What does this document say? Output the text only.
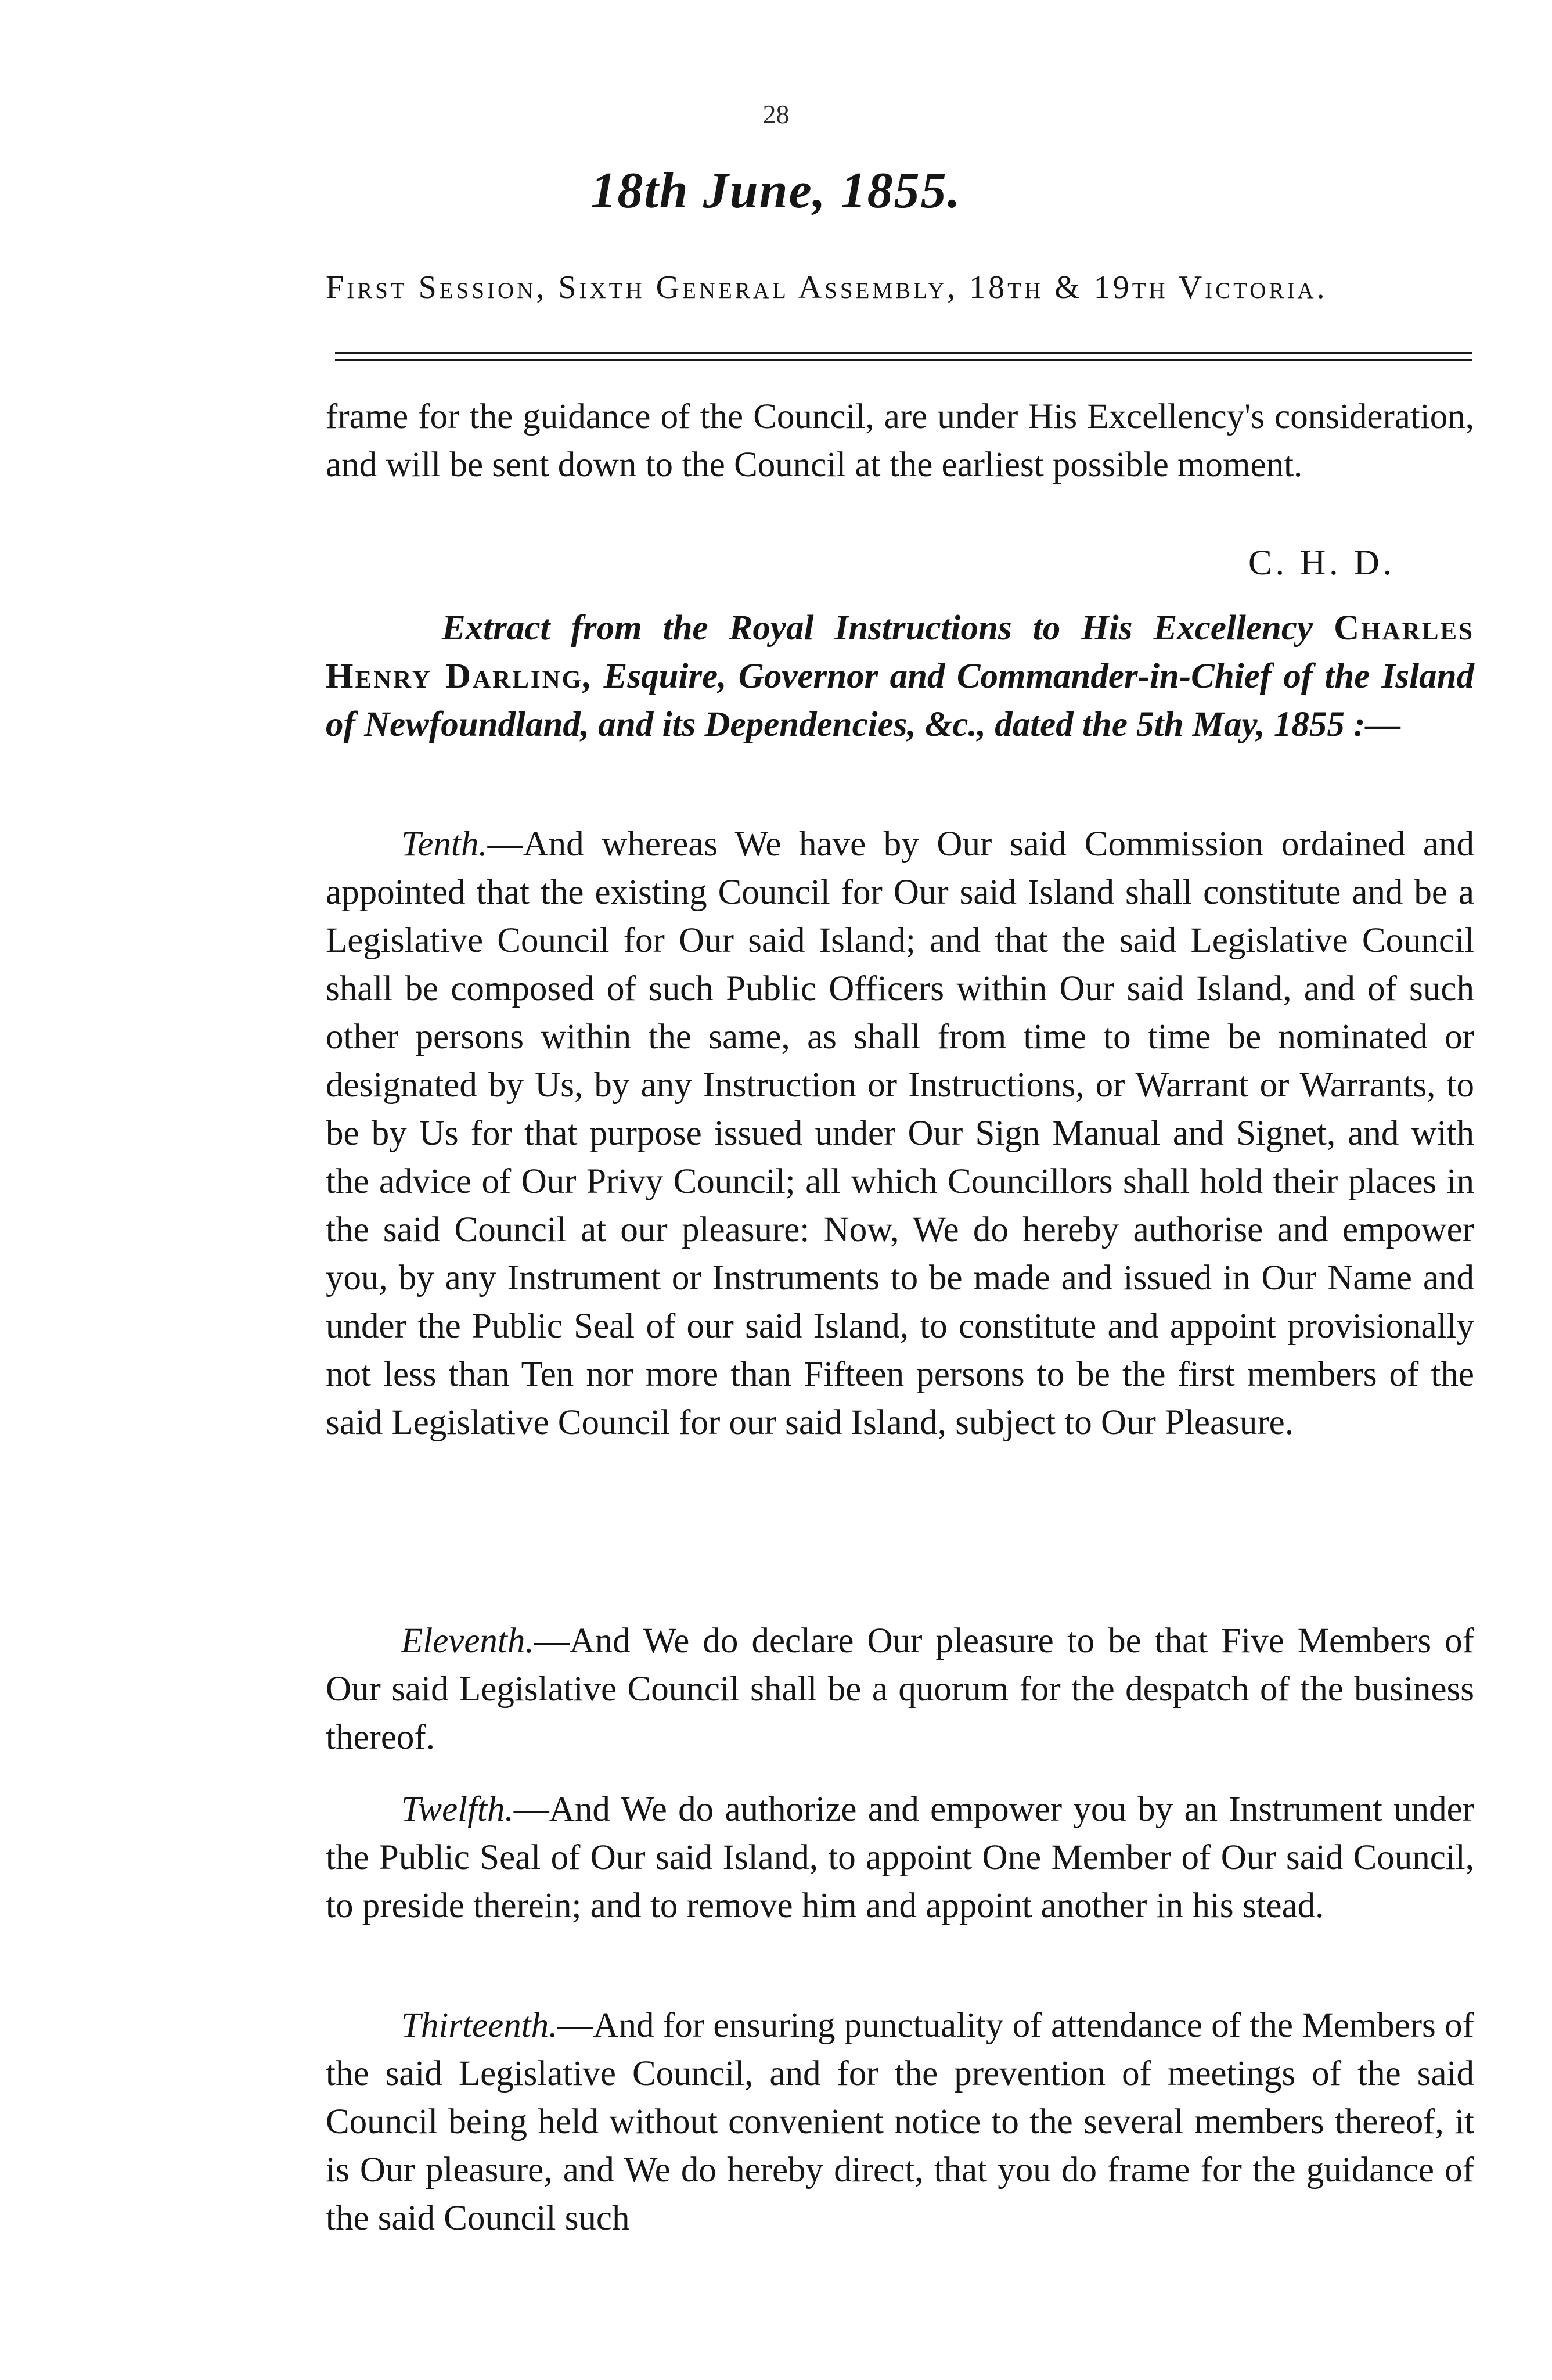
28
18th June, 1855.
First Session, Sixth General Assembly, 18th & 19th Victoria.

frame for the guidance of the Council, are under His Excellency's consideration, and will be sent down to the Council at the earliest possible moment.

C. H. D.

Extract from the Royal Instructions to His Excellency Charles Henry Darling, Esquire, Governor and Commander-in-Chief of the Island of Newfoundland, and its Dependencies, &c., dated the 5th May, 1855 :—

Tenth.—And whereas We have by Our said Commission ordained and appointed that the existing Council for Our said Island shall constitute and be a Legislative Council for Our said Island; and that the said Legislative Council shall be composed of such Public Officers within Our said Island, and of such other persons within the same, as shall from time to time be nominated or designated by Us, by any Instruction or Instructions, or Warrant or Warrants, to be by Us for that purpose issued under Our Sign Manual and Signet, and with the advice of Our Privy Council; all which Councillors shall hold their places in the said Council at our pleasure: Now, We do hereby authorise and empower you, by any Instrument or Instruments to be made and issued in Our Name and under the Public Seal of our said Island, to constitute and appoint provisionally not less than Ten nor more than Fifteen persons to be the first members of the said Legislative Council for our said Island, subject to Our Pleasure.

Eleventh.—And We do declare Our pleasure to be that Five Members of Our said Legislative Council shall be a quorum for the despatch of the business thereof.

Twelfth.—And We do authorize and empower you by an Instrument under the Public Seal of Our said Island, to appoint One Member of Our said Council, to preside therein; and to remove him and appoint another in his stead.

Thirteenth.—And for ensuring punctuality of attendance of the Members of the said Legislative Council, and for the prevention of meetings of the said Council being held without convenient notice to the several members thereof, it is Our pleasure, and We do hereby direct, that you do frame for the guidance of the said Council such
